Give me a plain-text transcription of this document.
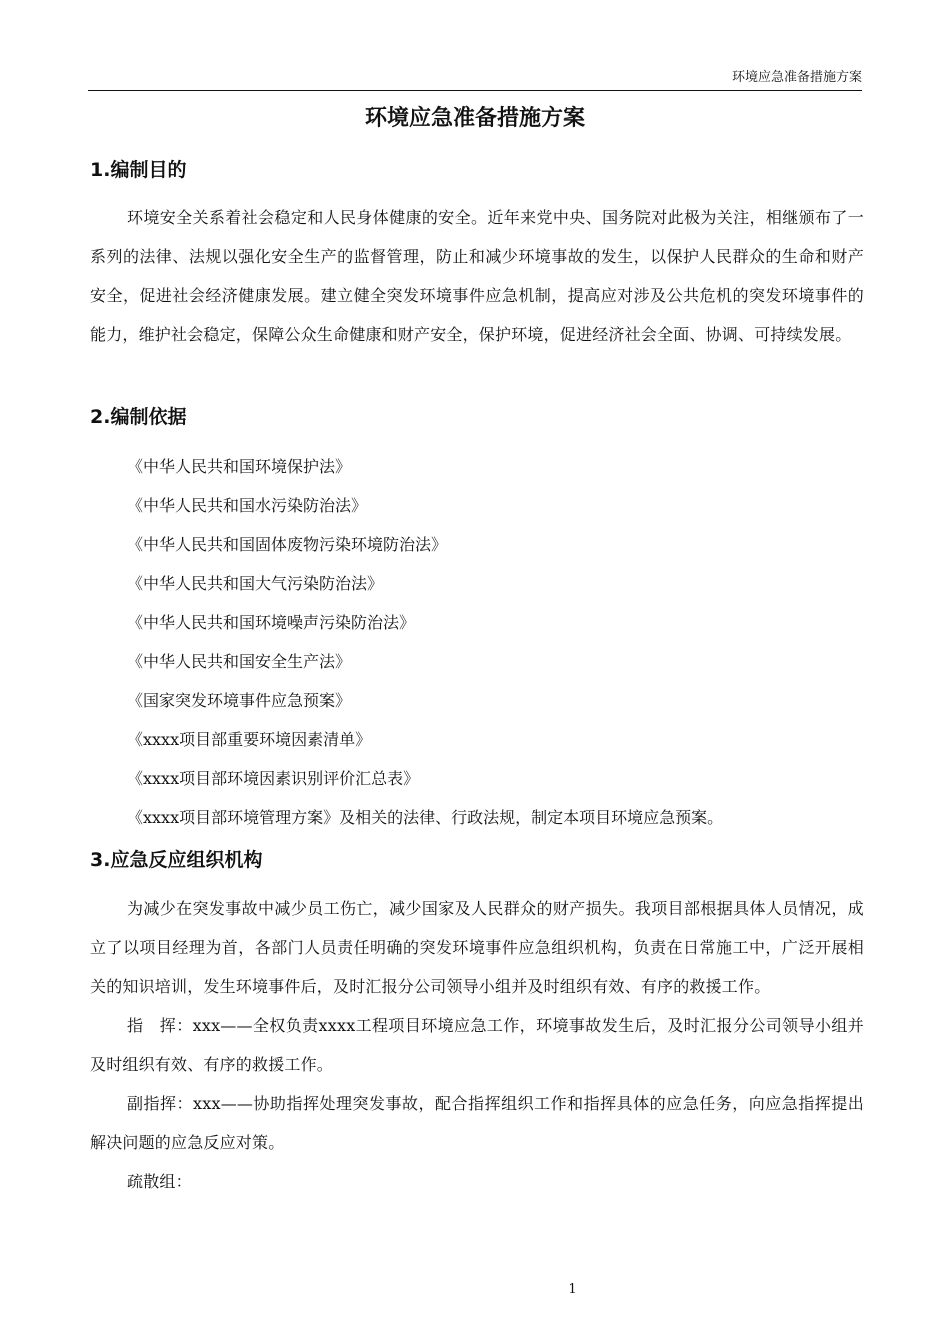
环境应急准备措施方案
环境应急准备措施方案
1.编制目的

环境安全关系着社会稳定和人民身体健康的安全。近年来党中央、国务院对此极为关注，相继颁布了一系列的法律、法规以强化安全生产的监督管理，防止和减少环境事故的发生，以保护人民群众的生命和财产安全，促进社会经济健康发展。建立健全突发环境事件应急机制，提高应对涉及公共危机的突发环境事件的能力，维护社会稳定，保障公众生命健康和财产安全，保护环境，促进经济社会全面、协调、可持续发展。

2.编制依据
《中华人民共和国环境保护法》
《中华人民共和国水污染防治法》
《中华人民共和国固体废物污染环境防治法》
《中华人民共和国大气污染防治法》
《中华人民共和国环境噪声污染防治法》
《中华人民共和国安全生产法》
《国家突发环境事件应急预案》
《xxxx项目部重要环境因素清单》
《xxxx项目部环境因素识别评价汇总表》
《xxxx项目部环境管理方案》及相关的法律、行政法规，制定本项目环境应急预案。
3.应急反应组织机构

为减少在突发事故中减少员工伤亡，减少国家及人民群众的财产损失。我项目部根据具体人员情况，成立了以项目经理为首，各部门人员责任明确的突发环境事件应急组织机构，负责在日常施工中，广泛开展相关的知识培训，发生环境事件后，及时汇报分公司领导小组并及时组织有效、有序的救援工作。

指　挥：xxx——全权负责xxxx工程项目环境应急工作，环境事故发生后，及时汇报分公司领导小组并及时组织有效、有序的救援工作。

副指挥：xxx——协助指挥处理突发事故，配合指挥组织工作和指挥具体的应急任务，向应急指挥提出解决问题的应急反应对策。

疏散组：

1
